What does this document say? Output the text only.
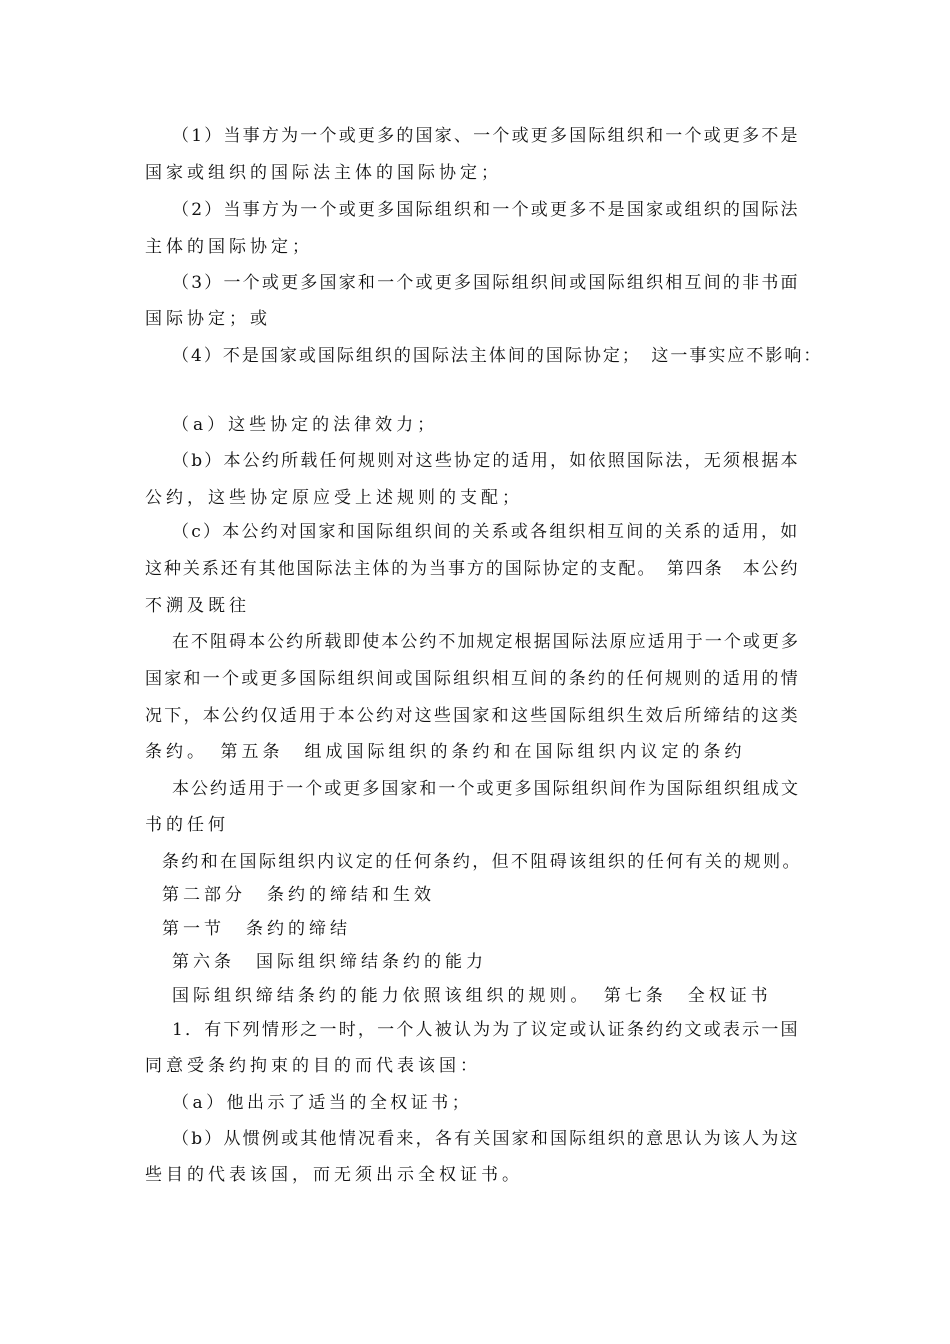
（1）当事方为一个或更多的国家、一个或更多国际组织和一个或更多不是

国家或组织的国际法主体的国际协定；

（2）当事方为一个或更多国际组织和一个或更多不是国家或组织的国际法

主体的国际协定；

（3）一个或更多国家和一个或更多国际组织间或国际组织相互间的非书面

国际协定；或

（4）不是国家或国际组织的国际法主体间的国际协定；　这一事实应不影响：

（a）这些协定的法律效力；

（b）本公约所载任何规则对这些协定的适用，如依照国际法，无须根据本

公约，这些协定原应受上述规则的支配；

（c）本公约对国家和国际组织间的关系或各组织相互间的关系的适用，如

这种关系还有其他国际法主体的为当事方的国际协定的支配。　第四条　本公约

不溯及既往

在不阻碍本公约所载即使本公约不加规定根据国际法原应适用于一个或更多

国家和一个或更多国际组织间或国际组织相互间的条约的任何规则的适用的情

况下，本公约仅适用于本公约对这些国家和这些国际组织生效后所缔结的这类

条约。　第五条　组成国际组织的条约和在国际组织内议定的条约

本公约适用于一个或更多国家和一个或更多国际组织间作为国际组织组成文

书的任何

条约和在国际组织内议定的任何条约，但不阻碍该组织的任何有关的规则。

第二部分　条约的缔结和生效

第一节　条约的缔结

第六条　国际组织缔结条约的能力

国际组织缔结条约的能力依照该组织的规则。　第七条　全权证书

1．有下列情形之一时，一个人被认为为了议定或认证条约约文或表示一国

同意受条约拘束的目的而代表该国：

（a）他出示了适当的全权证书；

（b）从惯例或其他情况看来，各有关国家和国际组织的意思认为该人为这

些目的代表该国，而无须出示全权证书。
